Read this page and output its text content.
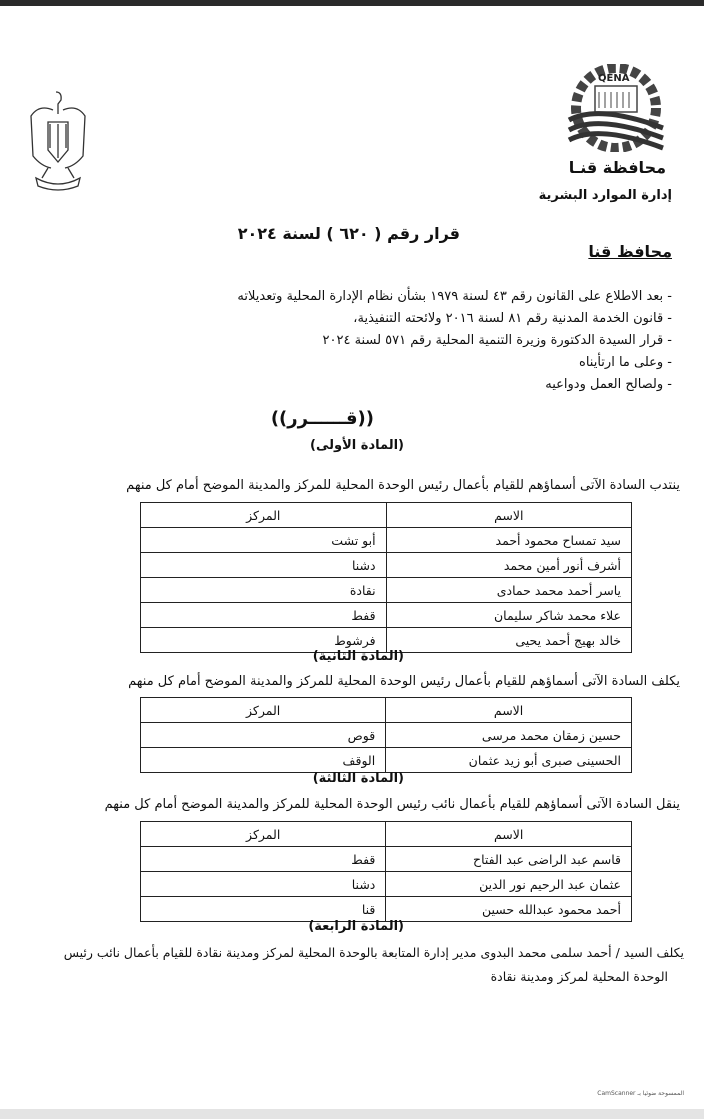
QENA
محافظة قنـا
إدارة الموارد البشرية
قرار رقم ( ٦٢٠ ) لسنة ٢٠٢٤
محافظ قنا
- بعد الاطلاع على القانون رقم ٤٣ لسنة ١٩٧٩ بشأن نظام الإدارة المحلية وتعديلاته
- قانون الخدمة المدنية رقم ٨١ لسنة ٢٠١٦ ولائحته التنفيذية،
- قرار السيدة الدكتورة وزيرة التنمية المحلية رقم ٥٧١ لسنة ٢٠٢٤
- وعلى ما ارتأيناه
- ولصالح العمل ودواعيه
((قــــــرر))
(المادة الأولى)
ينتدب السادة الآتى أسماؤهم للقيام بأعمال رئيس الوحدة المحلية للمركز والمدينة الموضح أمام كل منهم
الاسم	المركز
سيد تمساح محمود أحمد	أبو تشت
أشرف أنور أمين محمد	دشنا
ياسر أحمد محمد حمادى	نقادة
علاء محمد شاكر سليمان	قفط
خالد بهيج أحمد يحيى	فرشوط
(المادة الثانية)
يكلف السادة الآتى أسماؤهم للقيام بأعمال رئيس الوحدة المحلية للمركز والمدينة الموضح أمام كل منهم
الاسم	المركز
حسين زمقان محمد مرسى	قوص
الحسينى صبرى أبو زيد عثمان	الوقف
(المادة الثالثة)
ينقل السادة الآتى أسماؤهم للقيام بأعمال نائب رئيس الوحدة المحلية للمركز والمدينة الموضح أمام كل منهم
الاسم	المركز
قاسم عبد الراضى عبد الفتاح	قفط
عثمان عبد الرحيم نور الدين	دشنا
أحمد محمود عبدالله حسين	قنا
(المادة الرابعة)
يكلف السيد / أحمد سلمى محمد البدوى مدير إدارة المتابعة بالوحدة المحلية لمركز ومدينة نقادة للقيام بأعمال نائب رئيس
الوحدة المحلية لمركز ومدينة نقادة
الممسوحة ضوئيا بـ CamScanner
